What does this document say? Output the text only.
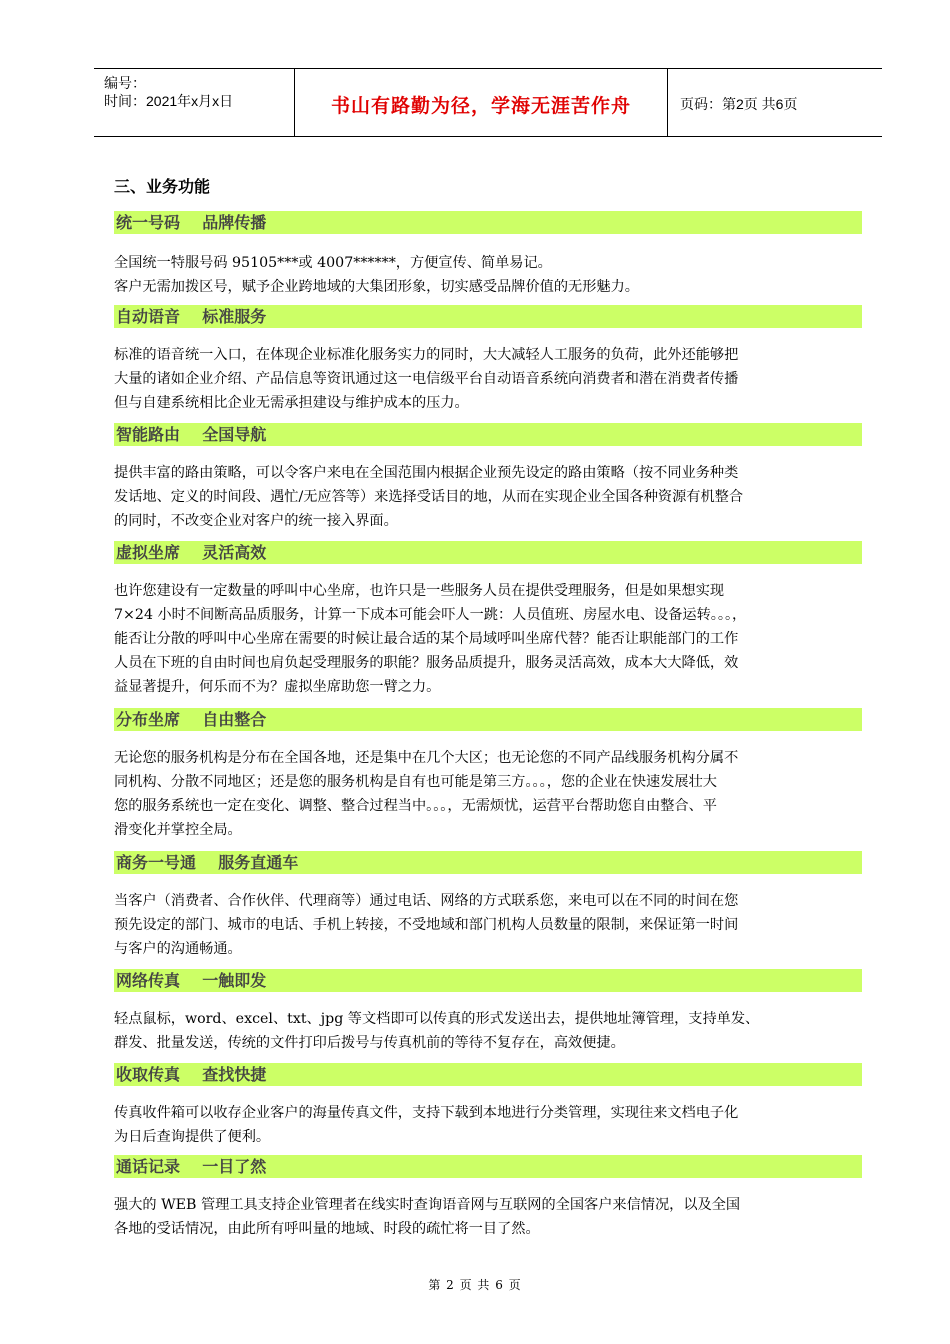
编号：
时间：2021年x月x日	书山有路勤为径，学海无涯苦作舟	页码：第2页 共6页
三、业务功能
统一号码    品牌传播
全国统一特服号码 95105***或 4007******，方便宣传、简单易记。
客户无需加拨区号，赋予企业跨地域的大集团形象，切实感受品牌价值的无形魅力。
自动语音    标准服务
标准的语音统一入口，在体现企业标准化服务实力的同时，大大减轻人工服务的负荷，此外还能够把
大量的诸如企业介绍、产品信息等资讯通过这一电信级平台自动语音系统向消费者和潜在消费者传播
但与自建系统相比企业无需承担建设与维护成本的压力。
智能路由    全国导航
提供丰富的路由策略，可以令客户来电在全国范围内根据企业预先设定的路由策略（按不同业务种类
发话地、定义的时间段、遇忙/无应答等）来选择受话目的地，从而在实现企业全国各种资源有机整合
的同时，不改变企业对客户的统一接入界面。
虚拟坐席    灵活高效
也许您建设有一定数量的呼叫中心坐席，也许只是一些服务人员在提供受理服务，但是如果想实现
7×24 小时不间断高品质服务，计算一下成本可能会吓人一跳：人员值班、房屋水电、设备运转。。。，
能否让分散的呼叫中心坐席在需要的时候让最合适的某个局域呼叫坐席代替？能否让职能部门的工作
人员在下班的自由时间也肩负起受理服务的职能？服务品质提升，服务灵活高效，成本大大降低，效
益显著提升，何乐而不为？虚拟坐席助您一臂之力。
分布坐席    自由整合
无论您的服务机构是分布在全国各地，还是集中在几个大区；也无论您的不同产品线服务机构分属不
同机构、分散不同地区；还是您的服务机构是自有也可能是第三方。。。，您的企业在快速发展壮大
您的服务系统也一定在变化、调整、整合过程当中。。。，无需烦忧，运营平台帮助您自由整合、平
滑变化并掌控全局。
商务一号通    服务直通车
当客户（消费者、合作伙伴、代理商等）通过电话、网络的方式联系您，来电可以在不同的时间在您
预先设定的部门、城市的电话、手机上转接，不受地域和部门机构人员数量的限制，来保证第一时间
与客户的沟通畅通。
网络传真    一触即发
轻点鼠标，word、excel、txt、jpg 等文档即可以传真的形式发送出去，提供地址簿管理，支持单发、
群发、批量发送，传统的文件打印后拨号与传真机前的等待不复存在，高效便捷。
收取传真    查找快捷
传真收件箱可以收存企业客户的海量传真文件，支持下载到本地进行分类管理，实现往来文档电子化
为日后查询提供了便利。
通话记录    一目了然
强大的 WEB 管理工具支持企业管理者在线实时查询语音网与互联网的全国客户来信情况，以及全国
各地的受话情况，由此所有呼叫量的地域、时段的疏忙将一目了然。
第 2 页 共 6 页
